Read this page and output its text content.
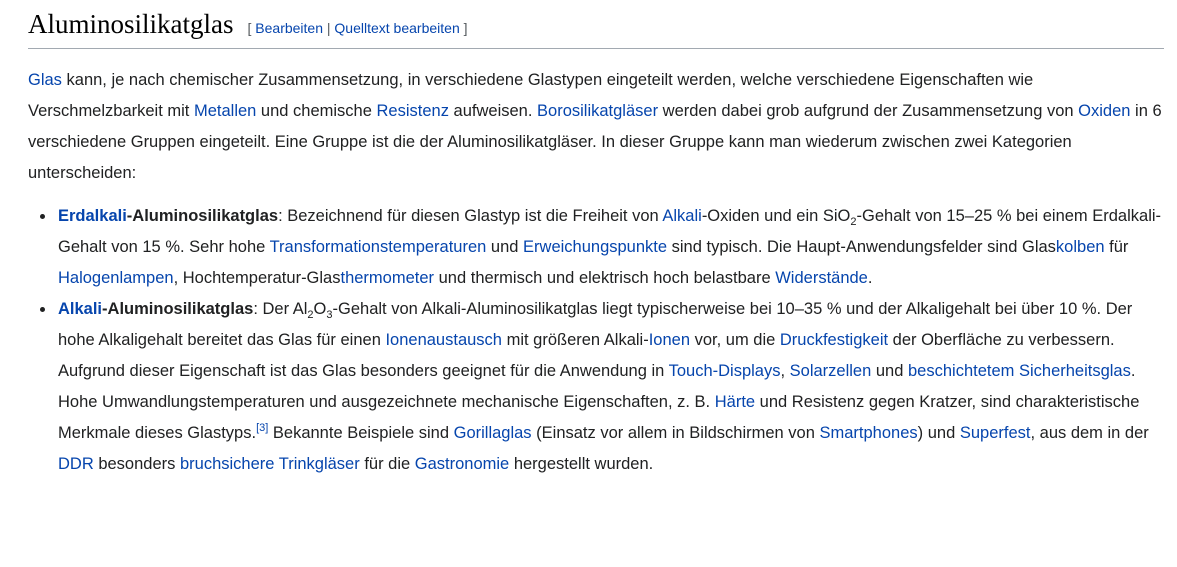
Aluminosilikatglas [ Bearbeiten | Quelltext bearbeiten ]

Glas kann, je nach chemischer Zusammensetzung, in verschiedene Glastypen eingeteilt werden, welche verschiedene Eigenschaften wie Verschmelzbarkeit mit Metallen und chemische Resistenz aufweisen. Borosilikatgläser werden dabei grob aufgrund der Zusammensetzung von Oxiden in 6 verschiedene Gruppen eingeteilt. Eine Gruppe ist die der Aluminosilikatgläser. In dieser Gruppe kann man wiederum zwischen zwei Kategorien unterscheiden:

Erdalkali-Aluminosilikatglas: Bezeichnend für diesen Glastyp ist die Freiheit von Alkali-Oxiden und ein SiO$_2$-Gehalt von 15–25 % bei einem Erdalkali-Gehalt von 15 %. Sehr hohe Transformationstemperaturen und Erweichungspunkte sind typisch. Die Haupt-Anwendungsfelder sind Glaskolben für Halogenlampen, Hochtemperatur-Glasthermometer und thermisch und elektrisch hoch belastbare Widerstände.
Alkali-Aluminosilikatglas: Der $Al_2O_3$-Gehalt von Alkali-Aluminosilikatglas liegt typischerweise bei 10–35 % und der Alkaligehalt bei über 10 %. Der hohe Alkaligehalt bereitet das Glas für einen Ionenaustausch mit größeren Alkali-Ionen vor, um die Druckfestigkeit der Oberfläche zu verbessern. Aufgrund dieser Eigenschaft ist das Glas besonders geeignet für die Anwendung in Touch-Displays, Solarzellen und beschichtetem Sicherheitsglas. Hohe Umwandlungstemperaturen und ausgezeichnete mechanische Eigenschaften, z. B. Härte und Resistenz gegen Kratzer, sind charakteristische Merkmale dieses Glastyps.[3] Bekannte Beispiele sind Gorillaglas (Einsatz vor allem in Bildschirmen von Smartphones) und Superfest, aus dem in der DDR besonders bruchsichere Trinkgläser für die Gastronomie hergestellt wurden.
